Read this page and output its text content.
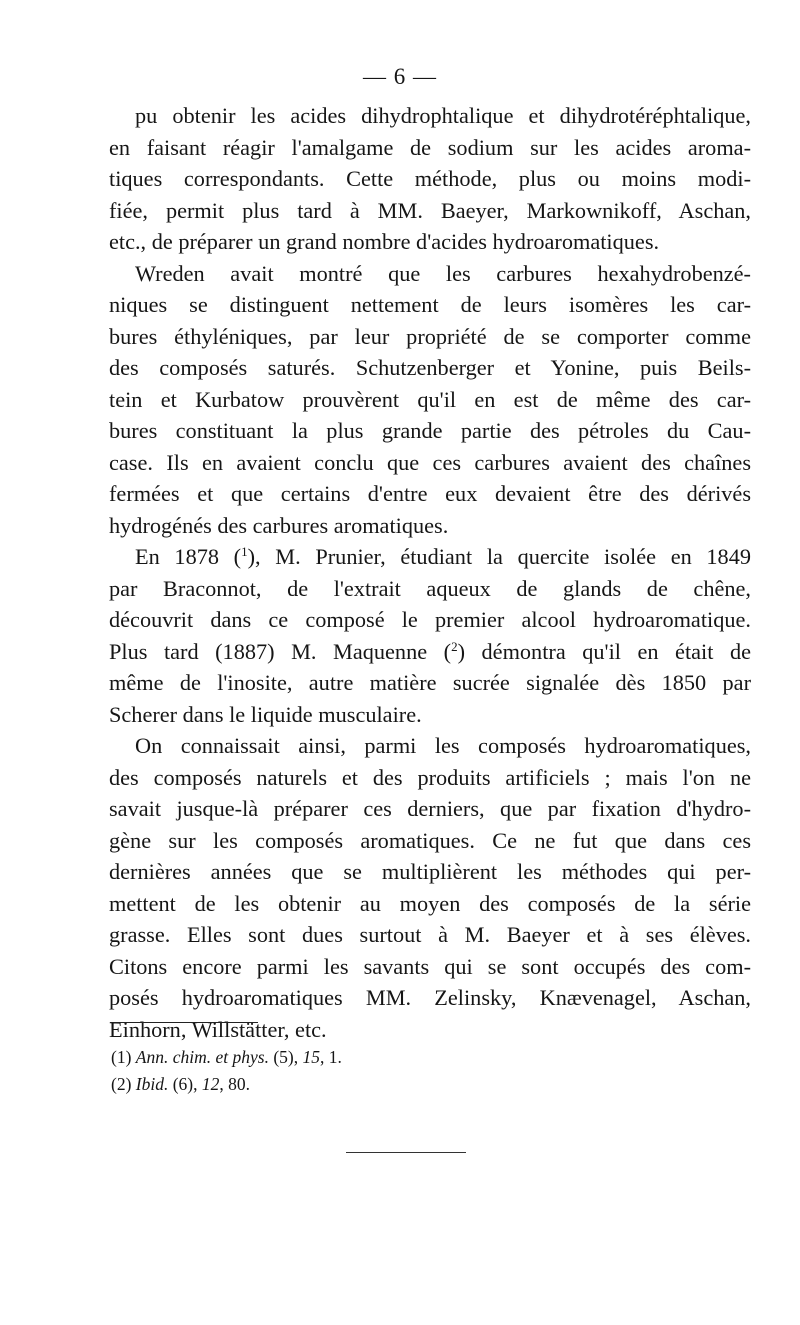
— 6 —
pu obtenir les acides dihydrophtalique et dihydrotéréphtalique,
en faisant réagir l'amalgame de sodium sur les acides aroma-
tiques correspondants. Cette méthode, plus ou moins modi-
fiée, permit plus tard à MM. Baeyer, Markownikoff, Aschan,
etc., de préparer un grand nombre d'acides hydroaromatiques.
Wreden avait montré que les carbures hexahydrobenzé-
niques se distinguent nettement de leurs isomères les car-
bures éthyléniques, par leur propriété de se comporter comme
des composés saturés. Schutzenberger et Yonine, puis Beils-
tein et Kurbatow prouvèrent qu'il en est de même des car-
bures constituant la plus grande partie des pétroles du Cau-
case. Ils en avaient conclu que ces carbures avaient des chaînes
fermées et que certains d'entre eux devaient être des dérivés
hydrogénés des carbures aromatiques.
En 1878 ($^1$), M. Prunier, étudiant la quercite isolée en 1849
par Braconnot, de l'extrait aqueux de glands de chêne,
découvrit dans ce composé le premier alcool hydroaromatique.
Plus tard (1887) M. Maquenne ($^2$) démontra qu'il en était de
même de l'inosite, autre matière sucrée signalée dès 1850 par
Scherer dans le liquide musculaire.
On connaissait ainsi, parmi les composés hydroaromatiques,
des composés naturels et des produits artificiels ; mais l'on ne
savait jusque-là préparer ces derniers, que par fixation d'hydro-
gène sur les composés aromatiques. Ce ne fut que dans ces
dernières années que se multiplièrent les méthodes qui per-
mettent de les obtenir au moyen des composés de la série
grasse. Elles sont dues surtout à M. Baeyer et à ses élèves.
Citons encore parmi les savants qui se sont occupés des com-
posés hydroaromatiques MM. Zelinsky, Knævenagel, Aschan,
Einhorn, Willstätter, etc.
(1) Ann. chim. et phys. (5), 15, 1.
(2) Ibid. (6), 12, 80.
